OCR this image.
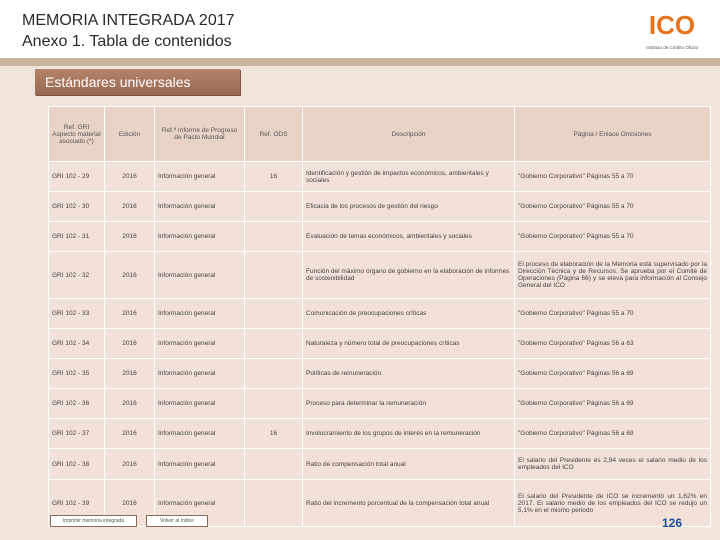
MEMORIA INTEGRADA 2017
Anexo 1. Tabla de contenidos
ICO
Instituto de Crédito Oficial
Estándares universales
Ref. GRI Aspecto material asociado (*)	Edición	Ref.ª Informe de Progreso de Pacto Mundial	Ref. ODS	Descripción	Página / Enlace Omisiones
GRI 102 - 29	2016	Información general	16	Identificación y gestión de impactos económicos, ambientales y sociales	"Gobierno Corporativo" Páginas 55 a 70
GRI 102 - 30	2016	Información general		Eficacia de los procesos de gestión del riesgo	"Gobierno Corporativo" Páginas 55 a 70
GRI 102 - 31	2016	Información general		Evaluación de temas económicos, ambientales y sociales	"Gobierno Corporativo" Páginas 55 a 70
GRI 102 - 32	2016	Información general		Función del máximo órgano de gobierno en la elaboración de informes de sostenibilidad	El proceso de elaboración de la Memoria está supervisado por la Dirección Técnica y de Recursos. Se aprueba por el Comité de Operaciones (Página 66) y se eleva para información al Consejo General del ICO
GRI 102 - 33	2016	Información general		Comunicación de preocupaciones críticas	"Gobierno Corporativo" Páginas 55 a 70
GRI 102 - 34	2016	Información general		Naturaleza y número total de preocupaciones críticas	"Gobierno Corporativo" Páginas 56 a 63
GRI 102 - 35	2016	Información general		Políticas de remuneración	"Gobierno Corporativo" Páginas 56 a 69
GRI 102 - 36	2016	Información general		Proceso para determinar la remuneración	"Gobierno Corporativo" Páginas 56 a 69
GRI 102 - 37	2016	Información general	16	Involucramiento de los grupos de interés en la remuneración	"Gobierno Corporativo" Páginas 56 a 69
GRI 102 - 38	2016	Información general		Ratio de compensación total anual	El salario del Presidente es 2,94 veces el salario medio de los empleados del ICO
GRI 102 - 39	2016	Información general		Ratio del incremento porcentual de la compensación total anual	El salario del Presidente de ICO se incrementó un 1,62% en 2017. El salario medio de los empleados del ICO se redujo un 5,1% en el mismo periodo
Imprimir memoria integrada	Volver al índice	126
